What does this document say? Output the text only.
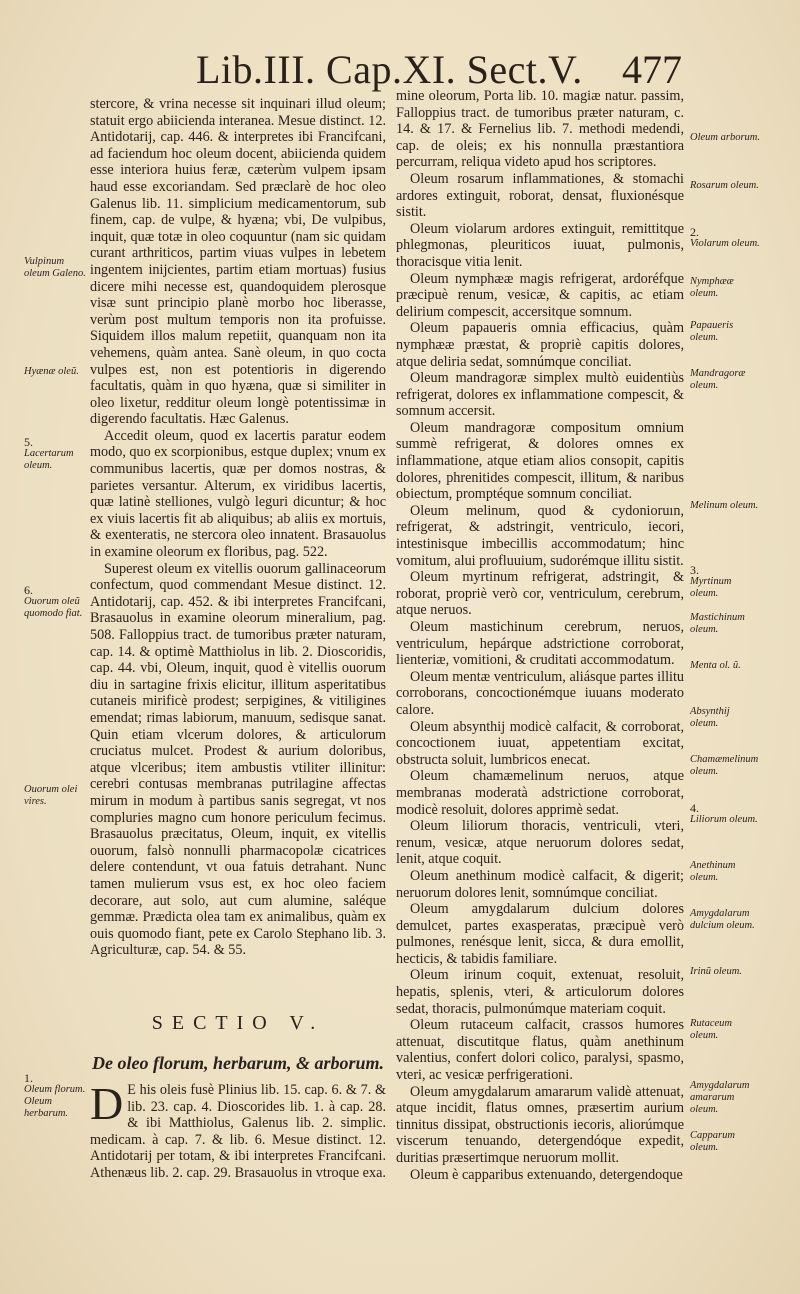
Lib.III. Cap.XI. Sect.V. 477

stercore, & vrina necesse sit inquinari illud oleum; statuit ergo abiicienda interanea. Mesue distinct. 12. Antidotarij, cap. 446. & interpretes ibi Francifcani, ad faciendum hoc oleum docent, abiicienda quidem esse interiora huius feræ, cæterùm vulpem ipsam haud esse excoriandam. Sed præclarè de hoc oleo Galenus lib. 11. simplicium medicamentorum, sub finem, cap. de vulpe, & hyæna; vbi, De vulpibus, inquit, quæ totæ in oleo coquuntur (nam sic quidam curant arthriticos, partim viuas vulpes in lebetem ingentem inijcientes, partim etiam mortuas) fusius dicere mihi necesse est, quandoquidem plerosque visæ sunt principio planè morbo hoc liberasse, verùm post multum temporis non ita profuisse. Siquidem illos malum repetiit, quanquam non ita vehemens, quàm antea. Sanè oleum, in quo cocta vulpes est, non est potentioris in digerendo facultatis, quàm in quo hyæna, quæ si similiter in oleo lixetur, redditur oleum longè potentissimæ in digerendo facultatis. Hæc Galenus.

Accedit oleum, quod ex lacertis paratur eodem modo, quo ex scorpionibus, estque duplex; vnum ex communibus lacertis, quæ per domos nostras, & parietes versantur. Alterum, ex viridibus lacertis, quæ latinè stelliones, vulgò leguri dicuntur; & hoc ex viuis lacertis fit ab aliquibus; ab aliis ex mortuis, & exenteratis, ne stercora oleo innatent. Brasauolus in examine oleorum ex floribus, pag. 522.

Superest oleum ex vitellis ouorum gallinaceorum confectum, quod commendant Mesue distinct. 12. Antidotarij, cap. 452. & ibi interpretes Francifcani, Brasauolus in examine oleorum mineralium, pag. 508. Falloppius tract. de tumoribus præter naturam, cap. 14. & optimè Matthiolus in lib. 2. Dioscoridis, cap. 44. vbi, Oleum, inquit, quod è vitellis ouorum diu in sartagine frixis elicitur, illitum asperitatibus cutaneis mirificè prodest; serpigines, & vitiligines emendat; rimas labiorum, manuum, sedisque sanat. Quin etiam vlcerum dolores, & articulorum cruciatus mulcet. Prodest & aurium doloribus, atque vlceribus; item ambustis vtiliter illinitur: cerebri contusas membranas putrilagine affectas mirum in modum à partibus sanis segregat, vt nos compluries magno cum honore periculum fecimus. Brasauolus præcitatus, Oleum, inquit, ex vitellis ouorum, falsò nonnulli pharmacopolæ cicatrices delere contendunt, vt oua fatuis detrahant. Nunc tamen mulierum vsus est, ex hoc oleo faciem decorare, aut solo, aut cum alumine, saléque gemmæ. Prædicta olea tam ex animalibus, quàm ex ouis quomodo fiant, pete ex Carolo Stephano lib. 3. Agriculturæ, cap. 54. & 55.

SECTIO V.
De oleo florum, herbarum, & arborum.
D E his oleis fusè Plinius lib. 15. cap. 6. & 7. & lib. 23. cap. 4. Dioscorides lib. 1. à cap. 28. & ibi Matthiolus, Galenus lib. 2. simplic. medicam. à cap. 7. & lib. 6. Mesue distinct. 12. Antidotarij per totam, & ibi interpretes Francifcani. Athenæus lib. 2. cap. 29. Brasauolus in vtroque exa.

mine oleorum, Porta lib. 10. magiæ natur. passim, Falloppius tract. de tumoribus præter naturam, c. 14. & 17. & Fernelius lib. 7. methodi medendi, cap. de oleis; ex his nonnulla præstantiora percurram, reliqua videto apud hos scriptores.

Oleum rosarum inflammationes, & stomachi ardores extinguit, roborat, densat, fluxionésque sistit.

Oleum violarum ardores extinguit, remittitque phlegmonas, pleuriticos iuuat, pulmonis, thoracisque vitia lenit.

Oleum nymphææ magis refrigerat, ardoréfque præcipuè renum, vesicæ, & capitis, ac etiam delirium compescit, accersitque somnum.

Oleum papaueris omnia efficacius, quàm nymphææ præstat, & propriè capitis dolores, atque deliria sedat, somnúmque conciliat.

Oleum mandragoræ simplex multò euidentiùs refrigerat, dolores ex inflammatione compescit, & somnum accersit.

Oleum mandragoræ compositum omnium summè refrigerat, & dolores omnes ex inflammatione, atque etiam alios consopit, capitis dolores, phrenitides compescit, illitum, & naribus obiectum, promptéque somnum conciliat.

Oleum melinum, quod & cydonioruın, refrigerat, & adstringit, ventriculo, iecori, intestinisque imbecillis accommodatum; hinc vomitum, alui profluuium, sudorémque illitu sistit.

Oleum myrtinum refrigerat, adstringit, & roborat, propriè verò cor, ventriculum, cerebrum, atque neruos.

Oleum mastichinum cerebrum, neruos, ventriculum, hepárque adstrictione corroborat, lienteriæ, vomitioni, & cruditati accommodatum.

Oleum mentæ ventriculum, aliásque partes illitu corroborans, concoctionémque iuuans moderato calore.

Oleum absynthij modicè calfacit, & corroborat, concoctionem iuuat, appetentiam excitat, obstructa soluit, lumbricos enecat.

Oleum chamæmelinum neruos, atque membranas moderatà adstrictione corroborat, modicè resoluit, dolores apprimè sedat.

Oleum liliorum thoracis, ventriculi, vteri, renum, vesicæ, atque neruorum dolores sedat, lenit, atque coquit.

Oleum anethinum modicè calfacit, & digerit; neruorum dolores lenit, somnúmque conciliat.

Oleum amygdalarum dulcium dolores demulcet, partes exasperatas, præcipuè verò pulmones, renésque lenit, sicca, & dura emollit, hecticis, & tabidis familiare.

Oleum irinum coquit, extenuat, resoluit, hepatis, splenis, vteri, & articulorum dolores sedat, thoracis, pulmonúmque materiam coquit.

Oleum rutaceum calfacit, crassos humores attenuat, discutitque flatus, quàm anethinum valentius, confert dolori colico, paralysi, spasmo, vteri, ac vesicæ perfrigerationi.

Oleum amygdalarum amararum validè attenuat, atque incidit, flatus omnes, præsertim aurium tinnitus dissipat, obstructionis iecoris, aliorúmque viscerum tenuando, detergendóque expedit, duritias præsertimque neruorum mollit.

Oleum è capparibus extenuando, detergendoque

Vulpinum oleum Galeno.
Hyænæ oleũ.
5.
Lacertarum oleum.
6.
Ouorum oleũ quomodo fiat.
Ouorum olei vires.
1.
Oleum florum. Oleum herbarum.
Oleum arborum.
Rosarum oleum.
2.
Violarum oleum.
Nymphææ oleum.
Papaueris oleum.
Mandragoræ oleum.
Melinum oleum.
3.
Myrtinum oleum.
Mastichinum oleum.
Menta ol. ũ.
Absynthij oleum.
Chamæmelinum oleum.
4.
Liliorum oleum.
Anethinum oleum.
Amygdalarum dulcium oleum.
Irinũ oleum.
Rutaceum oleum.
Amygdalarum amararum oleum.
Capparum oleum.
